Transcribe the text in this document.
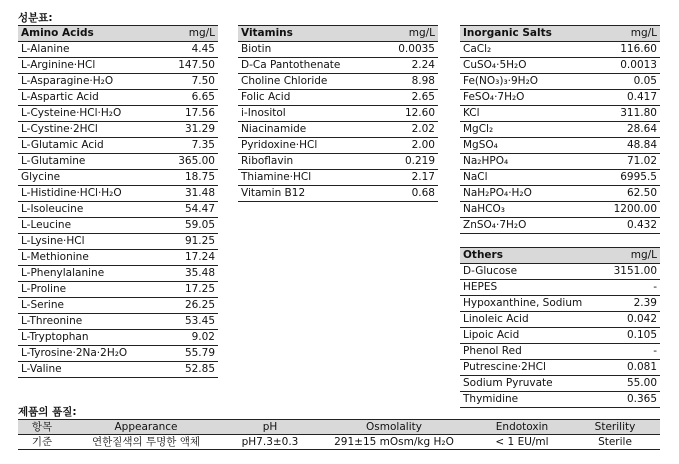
성분표:
Amino Acids	mg/L
L-Alanine	4.45
L-Arginine·HCl	147.50
L-Asparagine·H₂O	7.50
L-Aspartic Acid	6.65
L-Cysteine·HCl·H₂O	17.56
L-Cystine·2HCl	31.29
L-Glutamic Acid	7.35
L-Glutamine	365.00
Glycine	18.75
L-Histidine·HCl·H₂O	31.48
L-Isoleucine	54.47
L-Leucine	59.05
L-Lysine·HCl	91.25
L-Methionine	17.24
L-Phenylalanine	35.48
L-Proline	17.25
L-Serine	26.25
L-Threonine	53.45
L-Tryptophan	9.02
L-Tyrosine·2Na·2H₂O	55.79
L-Valine	52.85
Vitamins	mg/L
Biotin	0.0035
D-Ca Pantothenate	2.24
Choline Chloride	8.98
Folic Acid	2.65
i-Inositol	12.60
Niacinamide	2.02
Pyridoxine·HCl	2.00
Riboflavin	0.219
Thiamine·HCl	2.17
Vitamin B12	0.68
Inorganic Salts	mg/L
CaCl₂	116.60
CuSO₄·5H₂O	0.0013
Fe(NO₃)₃·9H₂O	0.05
FeSO₄·7H₂O	0.417
KCl	311.80
MgCl₂	28.64
MgSO₄	48.84
Na₂HPO₄	71.02
NaCl	6995.5
NaH₂PO₄·H₂O	62.50
NaHCO₃	1200.00
ZnSO₄·7H₂O	0.432
Others	mg/L
D-Glucose	3151.00
HEPES	-
Hypoxanthine, Sodium	2.39
Linoleic Acid	0.042
Lipoic Acid	0.105
Phenol Red	-
Putrescine·2HCl	0.081
Sodium Pyruvate	55.00
Thymidine	0.365
제품의 품질:
항목	Appearance	pH	Osmolality	Endotoxin	Sterility
기준	연한짙색의 투명한 액체	pH7.3±0.3	291±15 mOsm/kg H₂O	< 1 EU/ml	Sterile
